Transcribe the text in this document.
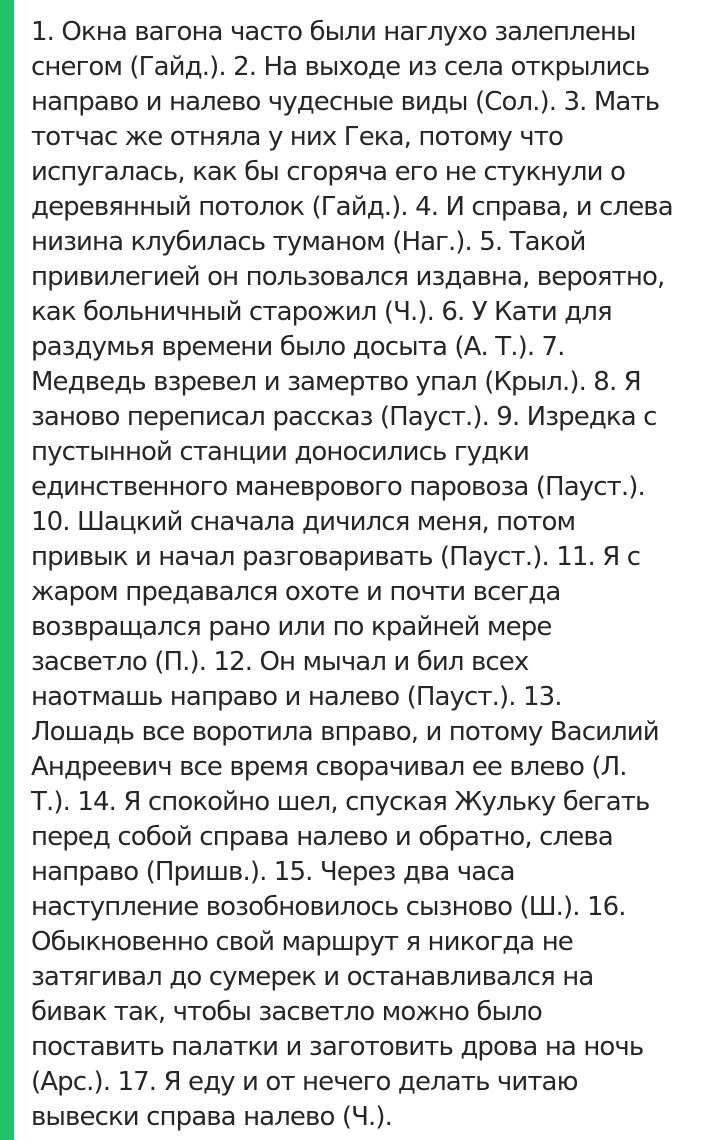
1. Окна вагона часто были наглухо залеплены
снегом (Гайд.). 2. На выходе из села открылись
направо и налево чудесные виды (Сол.). 3. Мать
тотчас же отняла у них Гека, потому что
испугалась, как бы сгоряча его не стукнули о
деревянный потолок (Гайд.). 4. И справа, и слева
низина клубилась туманом (Наг.). 5. Такой
привилегией он пользовался издавна, вероятно,
как больничный старожил (Ч.). 6. У Кати для
раздумья времени было досыта (А. Т.). 7.
Медведь взревел и замертво упал (Крыл.). 8. Я
заново переписал рассказ (Пауст.). 9. Изредка с
пустынной станции доносились гудки
единственного маневрового паровоза (Пауст.).
10. Шацкий сначала дичился меня, потом
привык и начал разговаривать (Пауст.). 11. Я с
жаром предавался охоте и почти всегда
возвращался рано или по крайней мере
засветло (П.). 12. Он мычал и бил всех
наотмашь направо и налево (Пауст.). 13.
Лошадь все воротила вправо, и потому Василий
Андреевич все время сворачивал ее влево (Л.
Т.). 14. Я спокойно шел, спуская Жульку бегать
перед собой справа налево и обратно, слева
направо (Пришв.). 15. Через два часа
наступление возобновилось сызново (Ш.). 16.
Обыкновенно свой маршрут я никогда не
затягивал до сумерек и останавливался на
бивак так, чтобы засветло можно было
поставить палатки и заготовить дрова на ночь
(Арс.). 17. Я еду и от нечего делать читаю
вывески справа налево (Ч.).
